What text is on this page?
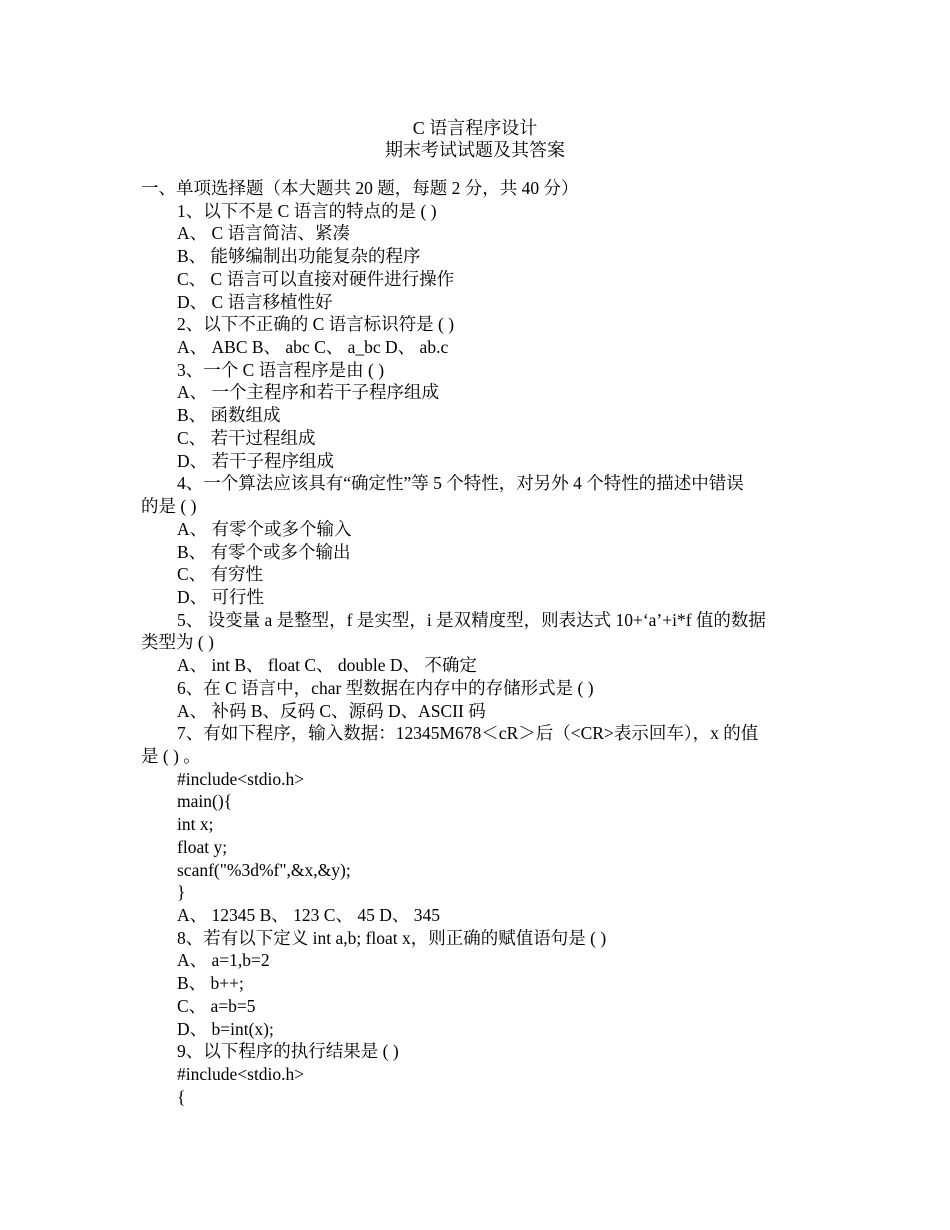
C 语言程序设计
期末考试试题及其答案
一、单项选择题（本大题共 20 题，每题 2 分，共 40 分）
1、以下不是 C 语言的特点的是 ( )
A、 C 语言简洁、紧凑
B、 能够编制出功能复杂的程序
C、 C 语言可以直接对硬件进行操作
D、 C 语言移植性好
2、以下不正确的 C 语言标识符是 ( )
A、 ABC B、 abc C、 a_bc D、 ab.c
3、一个 C 语言程序是由 ( )
A、 一个主程序和若干子程序组成
B、 函数组成
C、 若干过程组成
D、 若干子程序组成
4、一个算法应该具有“确定性”等 5 个特性，对另外 4 个特性的描述中错误
的是 ( )
A、 有零个或多个输入
B、 有零个或多个输出
C、 有穷性
D、 可行性
5、 设变量 a 是整型，f 是实型，i 是双精度型，则表达式 10+‘a’+i*f 值的数据
类型为 ( )
A、 int B、 float C、 double D、 不确定
6、在 C 语言中，char 型数据在内存中的存储形式是 ( )
A、 补码 B、反码 C、源码 D、ASCII 码
7、有如下程序，输入数据：12345M678＜cR＞后（<CR>表示回车），x 的值
是 ( ) 。
#include<stdio.h>
main(){
int x;
float y;
scanf("%3d%f",&x,&y);
}
A、 12345 B、 123 C、 45 D、 345
8、若有以下定义 int a,b; float x，则正确的赋值语句是 ( )
A、 a=1,b=2
B、 b++;
C、 a=b=5
D、 b=int(x);
9、以下程序的执行结果是 ( )
#include<stdio.h>
{
